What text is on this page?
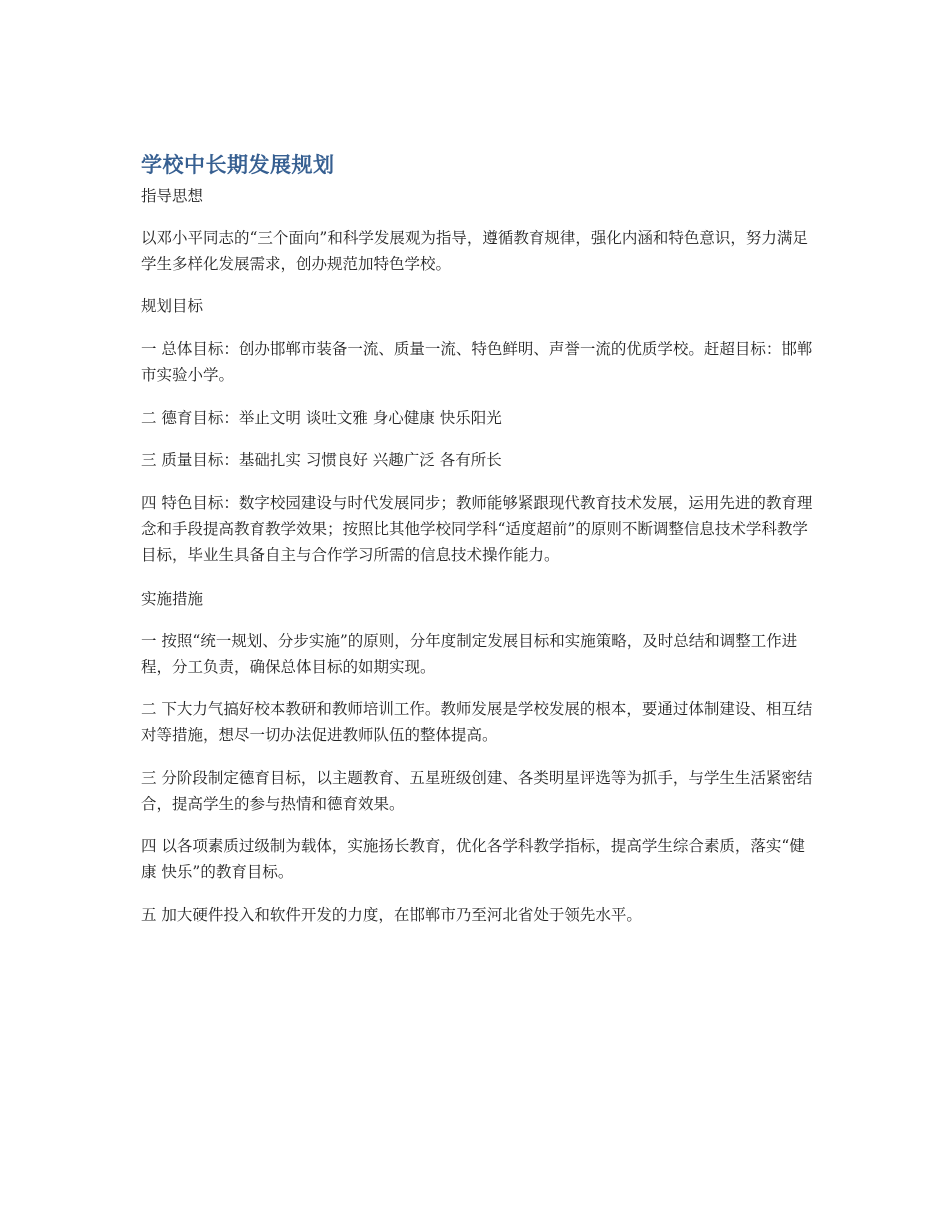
学校中长期发展规划

指导思想

以邓小平同志的“三个面向”和科学发展观为指导，遵循教育规律，强化内涵和特色意识，努力满足学生多样化发展需求，创办规范加特色学校。

规划目标

一 总体目标：创办邯郸市装备一流、质量一流、特色鲜明、声誉一流的优质学校。赶超目标：邯郸市实验小学。

二 德育目标：举止文明 谈吐文雅 身心健康 快乐阳光

三 质量目标：基础扎实 习惯良好 兴趣广泛 各有所长

四 特色目标：数字校园建设与时代发展同步；教师能够紧跟现代教育技术发展，运用先进的教育理念和手段提高教育教学效果；按照比其他学校同学科“适度超前”的原则不断调整信息技术学科教学目标，毕业生具备自主与合作学习所需的信息技术操作能力。

实施措施

一 按照“统一规划、分步实施”的原则，分年度制定发展目标和实施策略，及时总结和调整工作进程，分工负责，确保总体目标的如期实现。

二 下大力气搞好校本教研和教师培训工作。教师发展是学校发展的根本，要通过体制建设、相互结对等措施，想尽一切办法促进教师队伍的整体提高。

三 分阶段制定德育目标，以主题教育、五星班级创建、各类明星评选等为抓手，与学生生活紧密结合，提高学生的参与热情和德育效果。

四 以各项素质过级制为载体，实施扬长教育，优化各学科教学指标，提高学生综合素质，落实“健康 快乐”的教育目标。

五 加大硬件投入和软件开发的力度，在邯郸市乃至河北省处于领先水平。
